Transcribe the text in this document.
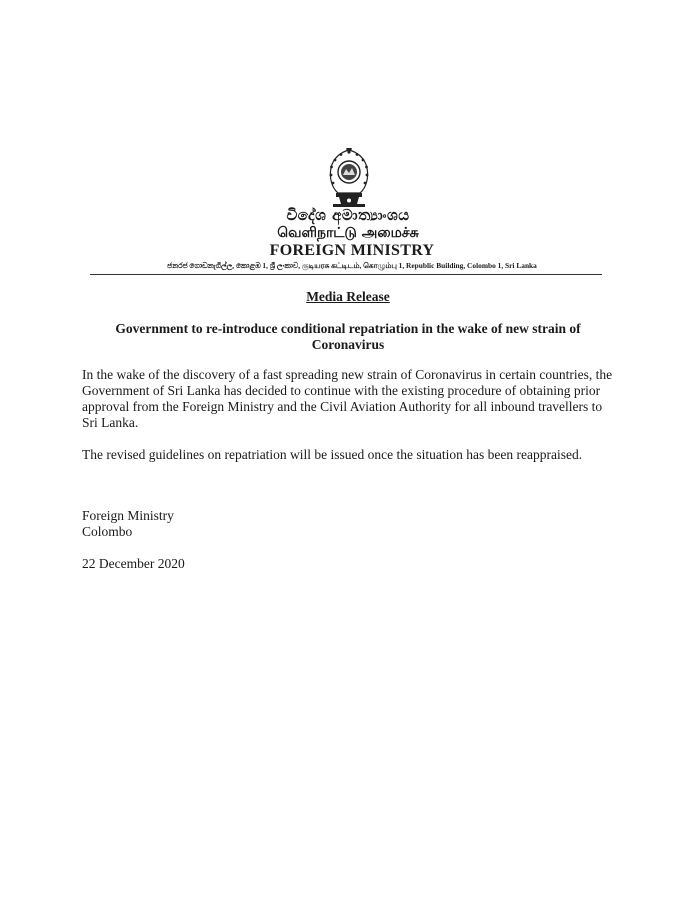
විදේශ අමාත්‍යාංශය
வெளிநாட்டு அமைச்சு
FOREIGN MINISTRY
ජනරජ ගොඩනැගිල්ල, කොළඹ 1, ශ්‍රී ලංකාව, குடியரசு கட்டிடம், கொழும்பு 1, Republic Building, Colombo 1, Sri Lanka
Media Release
Government to re-introduce conditional repatriation in the wake of new strain of Coronavirus
In the wake of the discovery of a fast spreading new strain of Coronavirus in certain countries, the Government of Sri Lanka has decided to continue with the existing procedure of obtaining prior approval from the Foreign Ministry and the Civil Aviation Authority for all inbound travellers to Sri Lanka.
The revised guidelines on repatriation will be issued once the situation has been reappraised.
Foreign Ministry
Colombo
22 December 2020
